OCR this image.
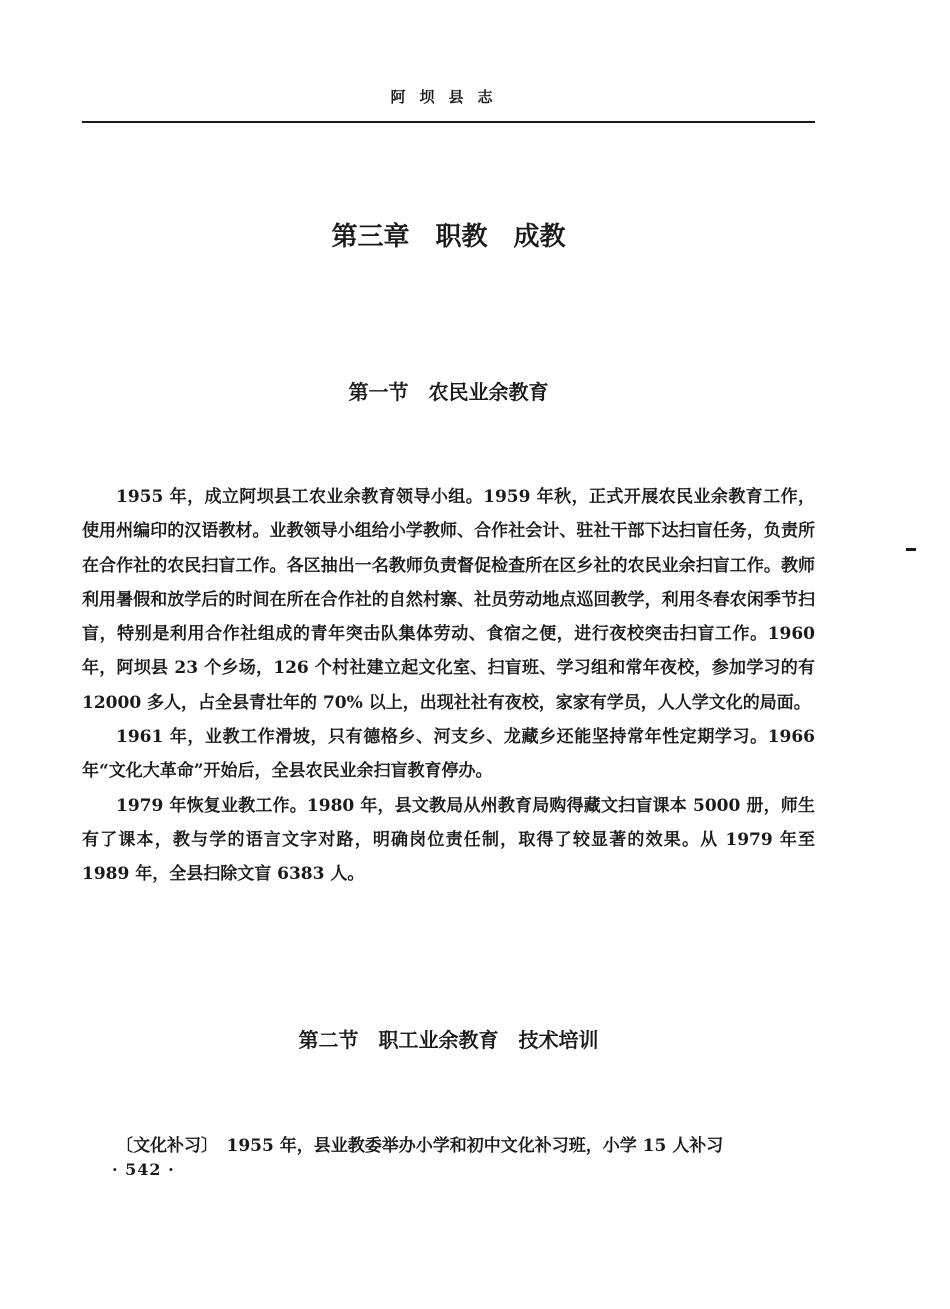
阿坝县志
第三章　职教　成教
第一节　农民业余教育

1955 年，成立阿坝县工农业余教育领导小组。1959 年秋，正式开展农民业余教育工作，使用州编印的汉语教材。业教领导小组给小学教师、合作社会计、驻社干部下达扫盲任务，负责所在合作社的农民扫盲工作。各区抽出一名教师负责督促检查所在区乡社的农民业余扫盲工作。教师利用暑假和放学后的时间在所在合作社的自然村寨、社员劳动地点巡回教学，利用冬春农闲季节扫盲，特别是利用合作社组成的青年突击队集体劳动、食宿之便，进行夜校突击扫盲工作。1960 年，阿坝县 23 个乡场，126 个村社建立起文化室、扫盲班、学习组和常年夜校，参加学习的有 12000 多人，占全县青壮年的 70% 以上，出现社社有夜校，家家有学员，人人学文化的局面。

1961 年，业教工作滑坡，只有德格乡、河支乡、龙藏乡还能坚持常年性定期学习。1966 年“文化大革命”开始后，全县农民业余扫盲教育停办。

1979 年恢复业教工作。1980 年，县文教局从州教育局购得藏文扫盲课本 5000 册，师生有了课本，教与学的语言文字对路，明确岗位责任制，取得了较显著的效果。从 1979 年至 1989 年，全县扫除文盲 6383 人。

第二节　职工业余教育　技术培训

〔文化补习〕　1955 年，县业教委举办小学和初中文化补习班，小学 15 人补习

· 542 ·
